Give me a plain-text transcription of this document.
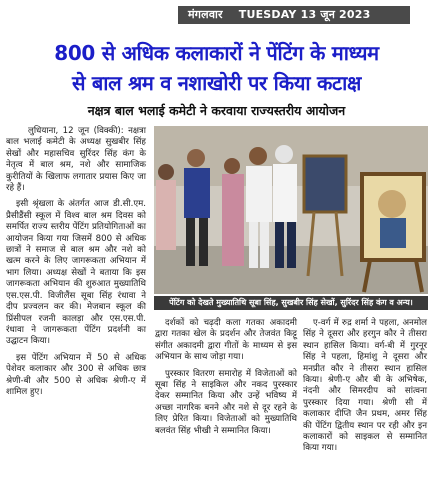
मंगलवार TUESDAY 13 जून 2023
800 से अधिक कलाकारों ने पेंटिंग के माध्यम
से बाल श्रम व नशाखोरी पर किया कटाक्ष
नक्षत्र बाल भलाई कमेटी ने करवाया राज्यस्तरीय आयोजन

लुधियाना, 12 जून (विक्की): नक्षत्रा बाल भलाई कमेटी के अध्यक्ष सुखबीर सिंह सेखों और महासचिव सुरिंदर सिंह कंग के नेतृत्व में बाल श्रम, नशे और सामाजिक कुरीतियों के खिलाफ लगातार प्रयास किए जा रहे हैं।

इसी श्रृंखला के अंतर्गत आज डी.सी.एम. प्रैसीडैंसी स्कूल में विश्व बाल श्रम दिवस को समर्पित राज्य स्तरीय पेंटिंग प्रतियोगिताओं का आयोजन किया गया जिसमें 800 से अधिक छात्रों ने समाज से बाल श्रम और नशे को खत्म करने के लिए जागरूकता अभियान में भाग लिया। अध्यक्ष सेखों ने बताया कि इस जागरूकता अभियान की शुरुआत मुख्यातिथि एस.एस.पी. विजीलैंस सूबा सिंह रंधावा ने दीप प्रज्वलन कर की। मेजबान स्कूल की प्रिंसीपल रजनी कालड़ा और एस.एस.पी. रंधावा ने जागरूकता पेंटिंग प्रदर्शनी का उद्घाटन किया।

इस पेंटिंग अभियान में 50 से अधिक पेशेवर कलाकार और 300 से अधिक छात्र श्रेणी-बी और 500 से अधिक श्रेणी-ए में शामिल हुए।

पेंटिंग को देखते मुख्यातिथि सूबा सिंह, सुखबीर सिंह सेखों, सुरिंदर सिंह कंग व अन्य।

दर्शकों को चढ़दी कला गतका अकादमी द्वारा गतका खेल के प्रदर्शन और तेजवंत किट्टू संगीत अकादमी द्वारा गीतों के माध्यम से इस अभियान के साथ जोड़ा गया।

पुरस्कार वितरण समारोह में विजेताओं को सूबा सिंह ने साइकिल और नकद पुरस्कार देकर सम्मानित किया और उन्हें भविष्य में अच्छा नागरिक बनने और नशे से दूर रहने के लिए प्रेरित किया। विजेताओं को मुख्यातिथि बलवंत सिंह भीखी ने सम्मानित किया।

ए-वर्ग में रुद्र शर्मा ने पहला, अनमोल सिंह ने दूसरा और हरगुन कौर ने तीसरा स्थान हासिल किया। वर्ग-बी में गुरनूर सिंह ने पहला, हिमांशु ने दूसरा और मनप्रीत कौर ने तीसरा स्थान हासिल किया। श्रेणी-ए और बी के अभिषेक, नंदनी और सिमरदीप को सांत्वना पुरस्कार दिया गया। श्रेणी सी में कलाकार दीप्ति जैन प्रथम, अमर सिंह की पेंटिंग द्वितीय स्थान पर रही और इन कलाकारों को साइकल से सम्मानित किया गया।
